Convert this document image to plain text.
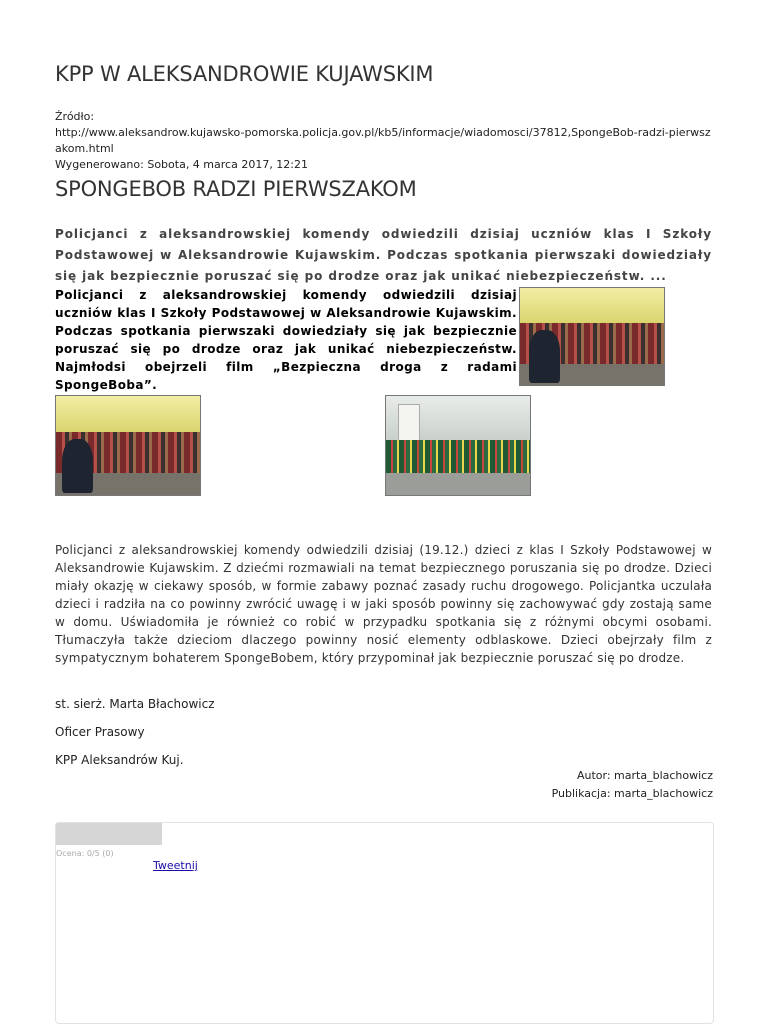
KPP W ALEKSANDROWIE KUJAWSKIM
Źródło:
http://www.aleksandrow.kujawsko-pomorska.policja.gov.pl/kb5/informacje/wiadomosci/37812,SpongeBob-radzi-pierwszakom.html
Wygenerowano: Sobota, 4 marca 2017, 12:21
SPONGEBOB RADZI PIERWSZAKOM

Policjanci z aleksandrowskiej komendy odwiedzili dzisiaj uczniów klas I Szkoły Podstawowej w Aleksandrowie Kujawskim. Podczas spotkania pierwszaki dowiedziały się jak bezpiecznie poruszać się po drodze oraz jak unikać niebezpieczeństw. ...

Policjanci z aleksandrowskiej komendy odwiedzili dzisiaj uczniów klas I Szkoły Podstawowej w Aleksandrowie Kujawskim. Podczas spotkania pierwszaki dowiedziały się jak bezpiecznie poruszać się po drodze oraz jak unikać niebezpieczeństw. Najmłodsi obejrzeli film „Bezpieczna droga z radami SpongeBoba”.

Policjanci z aleksandrowskiej komendy odwiedzili dzisiaj (19.12.) dzieci z klas I Szkoły Podstawowej w Aleksandrowie Kujawskim. Z dziećmi rozmawiali na temat bezpiecznego poruszania się po drodze. Dzieci miały okazję w ciekawy sposób, w formie zabawy poznać zasady ruchu drogowego. Policjantka uczulała dzieci i radziła na co powinny zwrócić uwagę i w jaki sposób powinny się zachowywać gdy zostają same w domu. Uświadomiła je również co robić w przypadku spotkania się z różnymi obcymi osobami. Tłumaczyła także dzieciom dlaczego powinny nosić elementy odblaskowe. Dzieci obejrzały film z sympatycznym bohaterem SpongeBobem, który przypominał jak bezpiecznie poruszać się po drodze.

st. sierż. Marta Błachowicz

Oficer Prasowy

KPP Aleksandrów Kuj.

Autor: marta_blachowicz
Publikacja: marta_blachowicz
Ocena: 0/5 (0)
Tweetnij
